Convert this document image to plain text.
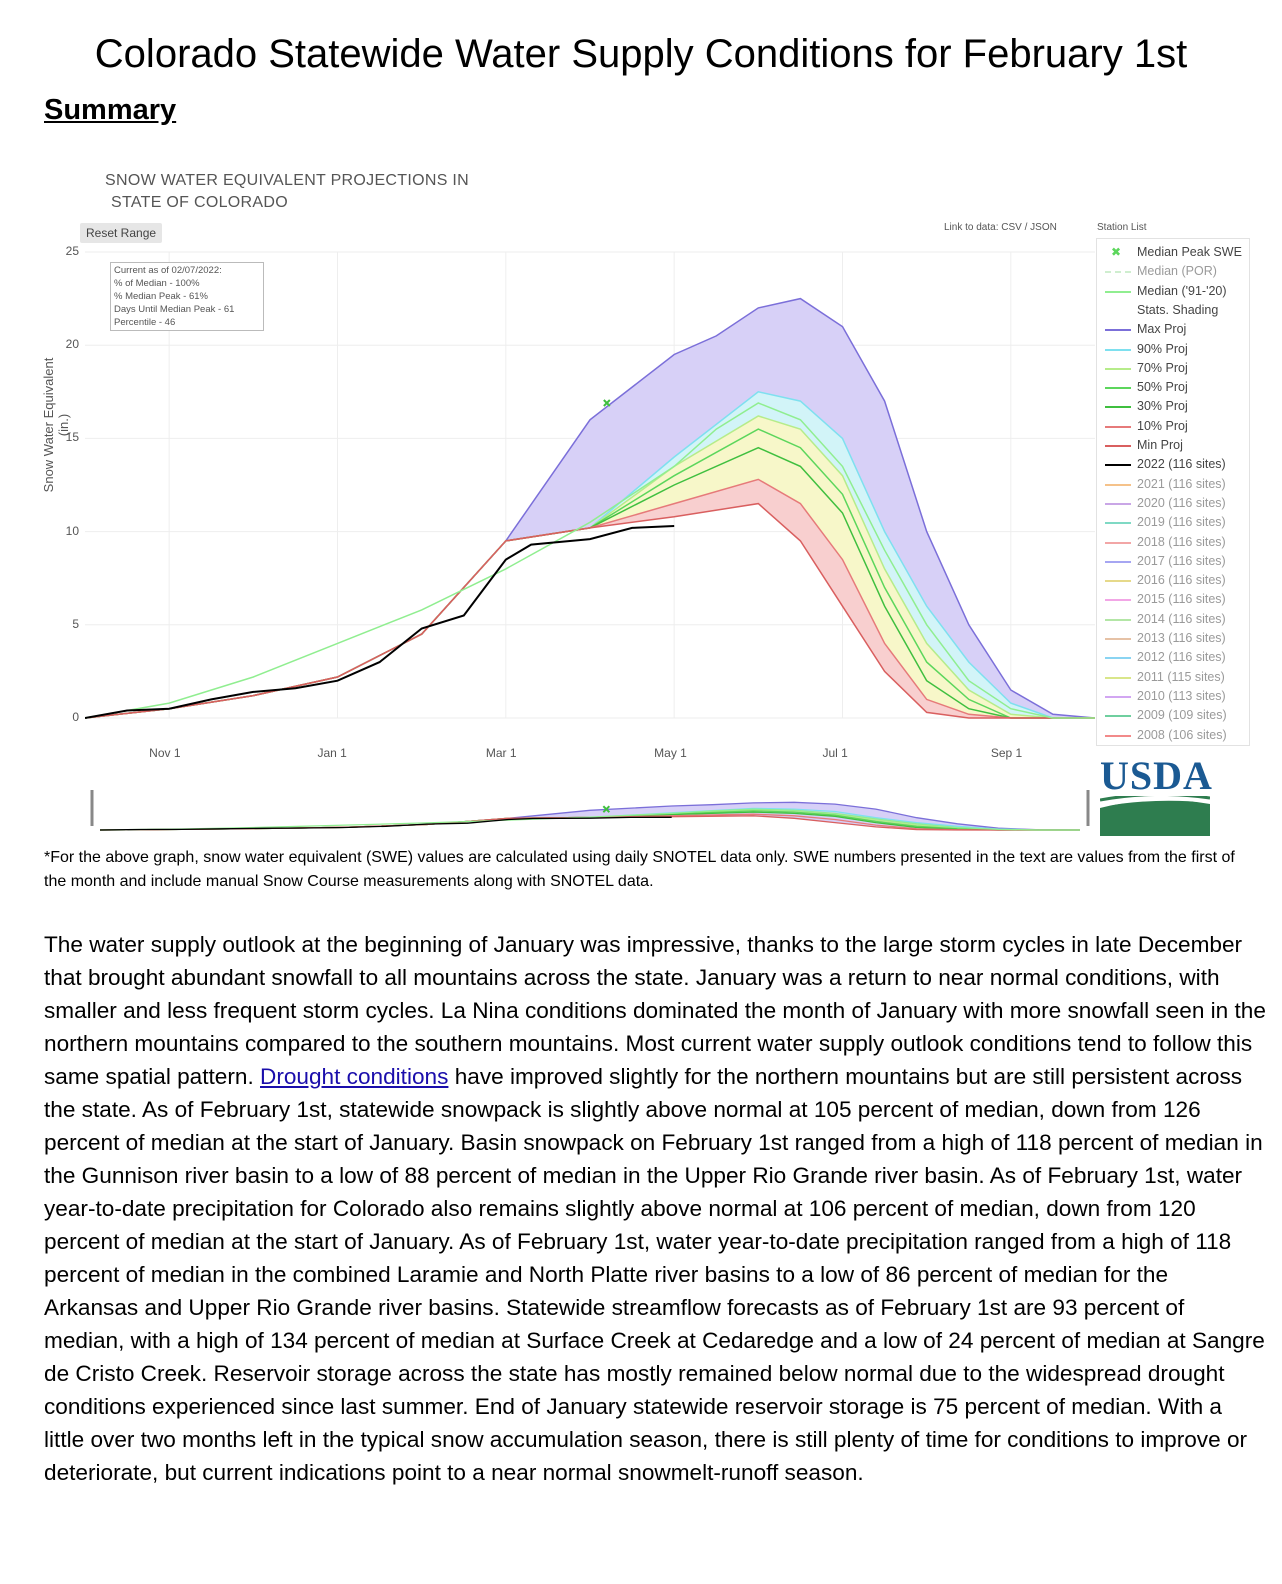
Colorado Statewide Water Supply Conditions for February 1st
Summary
SNOW WATER EQUIVALENT PROJECTIONS IN
STATE OF COLORADO
Reset Range	Link to data: CSV / JSON	Station List
Snow Water Equivalent (in.)
0
5
10
15
20
25
Nov 1	Jan 1	Mar 1	May 1	Jul 1	Sep 1
Current as of 02/07/2022:
% of Median - 100%
% Median Peak - 61%
Days Until Median Peak - 61
Percentile - 46
✖	Median Peak SWE
Median (POR)
Median ('91-'20)
Stats. Shading
Max Proj
90% Proj
70% Proj
50% Proj
30% Proj
10% Proj
Min Proj
2022 (116 sites)
2021 (116 sites)
2020 (116 sites)
2019 (116 sites)
2018 (116 sites)
2017 (116 sites)
2016 (116 sites)
2015 (116 sites)
2014 (116 sites)
2013 (116 sites)
2012 (116 sites)
2011 (115 sites)
2010 (113 sites)
2009 (109 sites)
2008 (106 sites)
USDA
*For the above graph, snow water equivalent (SWE) values are calculated using daily SNOTEL data only. SWE numbers presented in the text are values from the first of the month and include manual Snow Course measurements along with SNOTEL data.
The water supply outlook at the beginning of January was impressive, thanks to the large storm cycles in late December that brought abundant snowfall to all mountains across the state. January was a return to near normal conditions, with smaller and less frequent storm cycles. La Nina conditions dominated the month of January with more snowfall seen in the northern mountains compared to the southern mountains. Most current water supply outlook conditions tend to follow this same spatial pattern. Drought conditions have improved slightly for the northern mountains but are still persistent across the state. As of February 1st, statewide snowpack is slightly above normal at 105 percent of median, down from 126 percent of median at the start of January. Basin snowpack on February 1st ranged from a high of 118 percent of median in the Gunnison river basin to a low of 88 percent of median in the Upper Rio Grande river basin. As of February 1st, water year-to-date precipitation for Colorado also remains slightly above normal at 106 percent of median, down from 120 percent of median at the start of January. As of February 1st, water year-to-date precipitation ranged from a high of 118 percent of median in the combined Laramie and North Platte river basins to a low of 86 percent of median for the Arkansas and Upper Rio Grande river basins. Statewide streamflow forecasts as of February 1st are 93 percent of median, with a high of 134 percent of median at Surface Creek at Cedaredge and a low of 24 percent of median at Sangre de Cristo Creek. Reservoir storage across the state has mostly remained below normal due to the widespread drought conditions experienced since last summer. End of January statewide reservoir storage is 75 percent of median. With a little over two months left in the typical snow accumulation season, there is still plenty of time for conditions to improve or deteriorate, but current indications point to a near normal snowmelt-runoff season.
